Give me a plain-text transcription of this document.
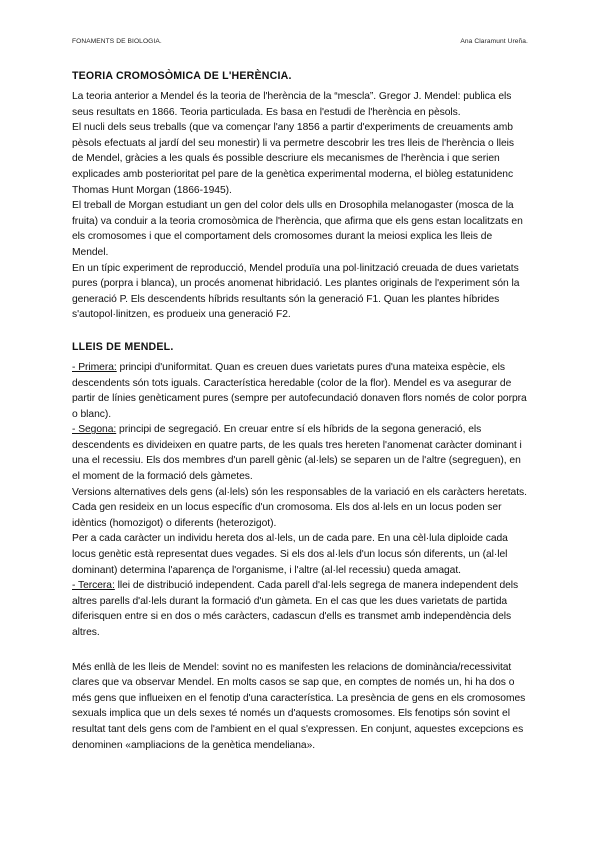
FONAMENTS DE BIOLOGIA.	Ana Claramunt Ureña.
TEORIA CROMOSÒMICA DE L'HERÈNCIA.

La teoria anterior a Mendel és la teoria de l'herència de la “mescla”. Gregor J. Mendel: publica els seus resultats en 1866. Teoria particulada. Es basa en l'estudi de l'herència en pèsols.

El nucli dels seus treballs (que va començar l'any 1856 a partir d'experiments de creuaments amb pèsols efectuats al jardí del seu monestir) li va permetre descobrir les tres lleis de l'herència o lleis de Mendel, gràcies a les quals és possible descriure els mecanismes de l'herència i que serien explicades amb posterioritat pel pare de la genètica experimental moderna, el biòleg estatunidenc Thomas Hunt Morgan (1866-1945).

El treball de Morgan estudiant un gen del color dels ulls en Drosophila melanogaster (mosca de la fruita) va conduir a la teoria cromosòmica de l'herència, que afirma que els gens estan localitzats en els cromosomes i que el comportament dels cromosomes durant la meiosi explica les lleis de Mendel.

En un típic experiment de reproducció, Mendel produïa una pol·linització creuada de dues varietats pures (porpra i blanca), un procés anomenat hibridació. Les plantes originals de l'experiment són la generació P. Els descendents híbrids resultants són la generació F1. Quan les plantes híbrides s'autopol·linitzen, es produeix una generació F2.

LLEIS DE MENDEL.

- Primera: principi d'uniformitat. Quan es creuen dues varietats pures d'una mateixa espècie, els descendents són tots iguals. Característica heredable (color de la flor). Mendel es va asegurar de partir de línies genèticament pures (sempre per autofecundació donaven flors només de color porpra o blanc).

- Segona: principi de segregació. En creuar entre sí els híbrids de la segona generació, els descendents es divideixen en quatre parts, de les quals tres hereten l'anomenat caràcter dominant i una el recessiu. Els dos membres d'un parell gènic (al·lels) se separen un de l'altre (segreguen), en el moment de la formació dels gàmetes.

Versions alternatives dels gens (al·lels) són les responsables de la variació en els caràcters heretats. Cada gen resideix en un locus específic d'un cromosoma. Els dos al·lels en un locus poden ser idèntics (homozigot) o diferents (heterozigot).

Per a cada caràcter un individu hereta dos al·lels, un de cada pare. En una cèl·lula diploide cada locus genètic està representat dues vegades. Si els dos al·lels d'un locus són diferents, un (al·lel dominant) determina l'aparença de l'organisme, i l'altre (al·lel recessiu) queda amagat.

- Tercera: llei de distribució independent. Cada parell d'al·lels segrega de manera independent dels altres parells d'al·lels durant la formació d'un gàmeta. En el cas que les dues varietats de partida diferisquen entre si en dos o més caràcters, cadascun d'ells es transmet amb independència dels altres.

Més enllà de les lleis de Mendel: sovint no es manifesten les relacions de dominància/recessivitat clares que va observar Mendel. En molts casos se sap que, en comptes de només un, hi ha dos o més gens que influeixen en el fenotip d'una característica. La presència de gens en els cromosomes sexuals implica que un dels sexes té només un d'aquests cromosomes. Els fenotips són sovint el resultat tant dels gens com de l'ambient en el qual s'expressen. En conjunt, aquestes excepcions es denominen «ampliacions de la genètica mendeliana».
